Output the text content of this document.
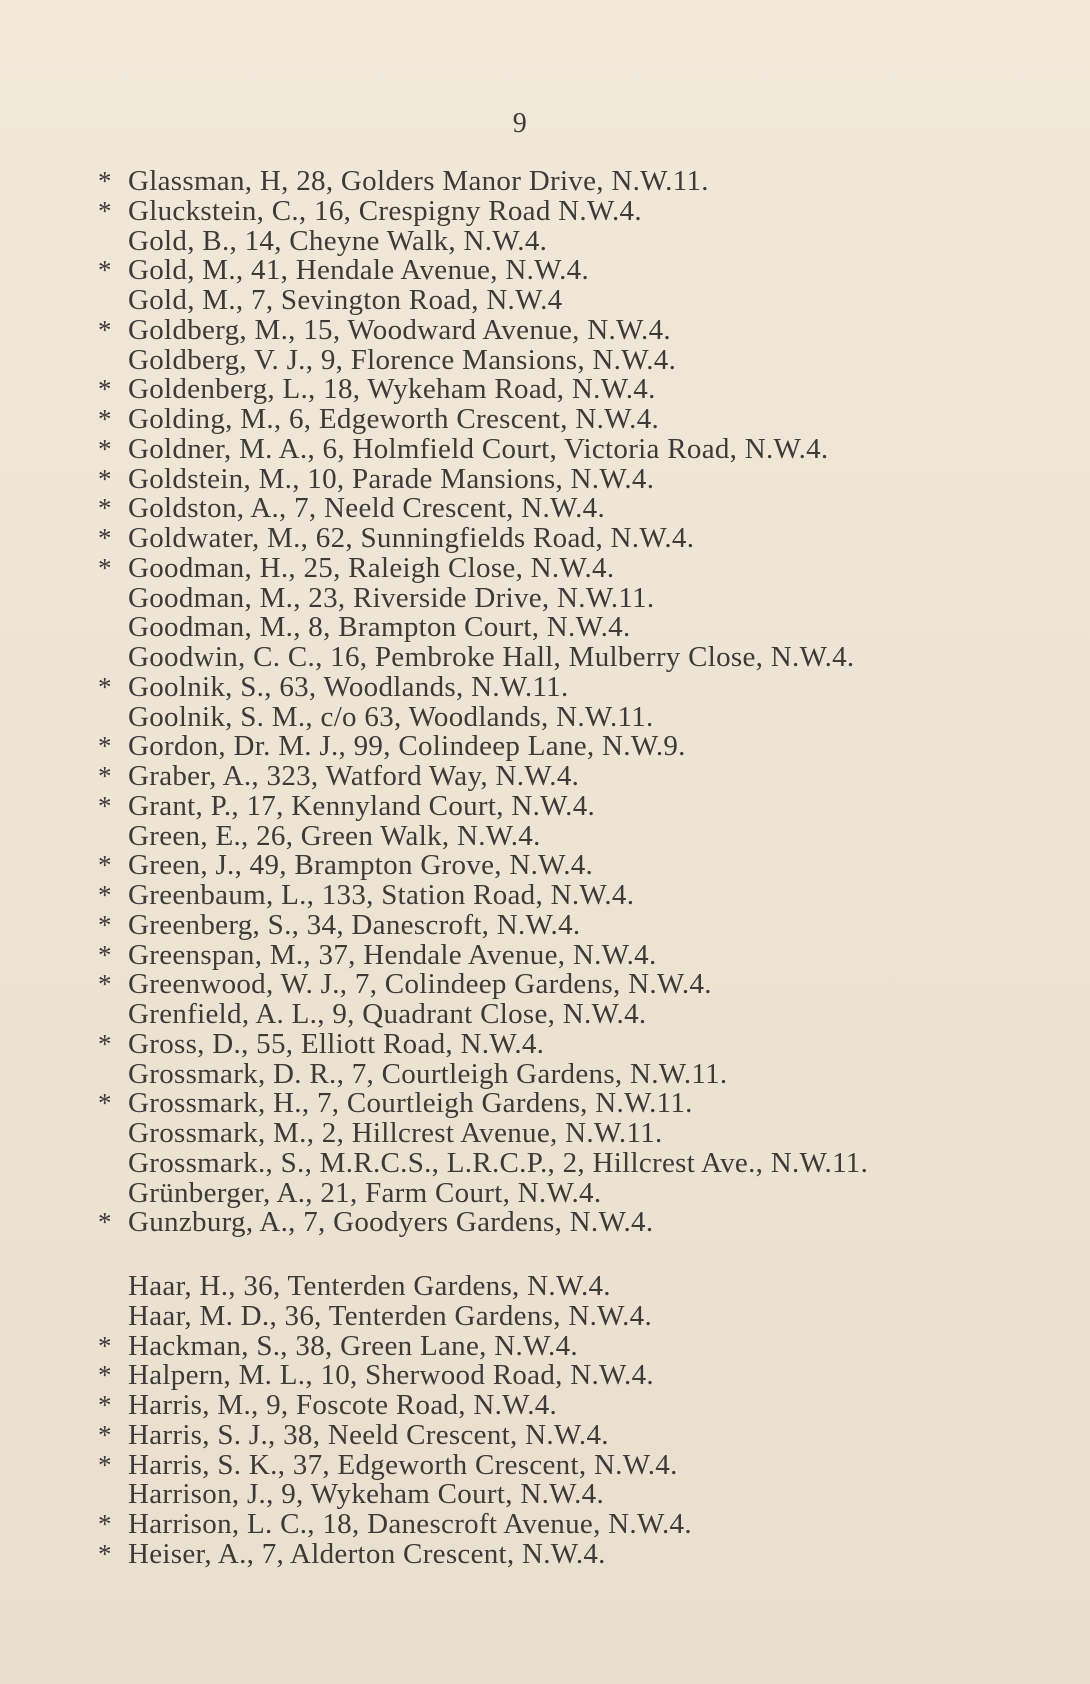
9
* Glassman, H, 28, Golders Manor Drive, N.W.11.
* Gluckstein, C., 16, Crespigny Road N.W.4.
Gold, B., 14, Cheyne Walk, N.W.4.
* Gold, M., 41, Hendale Avenue, N.W.4.
Gold, M., 7, Sevington Road, N.W.4
* Goldberg, M., 15, Woodward Avenue, N.W.4.
Goldberg, V. J., 9, Florence Mansions, N.W.4.
* Goldenberg, L., 18, Wykeham Road, N.W.4.
* Golding, M., 6, Edgeworth Crescent, N.W.4.
* Goldner, M. A., 6, Holmfield Court, Victoria Road, N.W.4.
* Goldstein, M., 10, Parade Mansions, N.W.4.
* Goldston, A., 7, Neeld Crescent, N.W.4.
* Goldwater, M., 62, Sunningfields Road, N.W.4.
* Goodman, H., 25, Raleigh Close, N.W.4.
Goodman, M., 23, Riverside Drive, N.W.11.
Goodman, M., 8, Brampton Court, N.W.4.
Goodwin, C. C., 16, Pembroke Hall, Mulberry Close, N.W.4.
* Goolnik, S., 63, Woodlands, N.W.11.
Goolnik, S. M., c/o 63, Woodlands, N.W.11.
* Gordon, Dr. M. J., 99, Colindeep Lane, N.W.9.
* Graber, A., 323, Watford Way, N.W.4.
* Grant, P., 17, Kennyland Court, N.W.4.
Green, E., 26, Green Walk, N.W.4.
* Green, J., 49, Brampton Grove, N.W.4.
* Greenbaum, L., 133, Station Road, N.W.4.
* Greenberg, S., 34, Danescroft, N.W.4.
* Greenspan, M., 37, Hendale Avenue, N.W.4.
* Greenwood, W. J., 7, Colindeep Gardens, N.W.4.
Grenfield, A. L., 9, Quadrant Close, N.W.4.
* Gross, D., 55, Elliott Road, N.W.4.
Grossmark, D. R., 7, Courtleigh Gardens, N.W.11.
* Grossmark, H., 7, Courtleigh Gardens, N.W.11.
Grossmark, M., 2, Hillcrest Avenue, N.W.11.
Grossmark., S., M.R.C.S., L.R.C.P., 2, Hillcrest Ave., N.W.11.
Grünberger, A., 21, Farm Court, N.W.4.
* Gunzburg, A., 7, Goodyers Gardens, N.W.4.
Haar, H., 36, Tenterden Gardens, N.W.4.
Haar, M. D., 36, Tenterden Gardens, N.W.4.
* Hackman, S., 38, Green Lane, N.W.4.
* Halpern, M. L., 10, Sherwood Road, N.W.4.
* Harris, M., 9, Foscote Road, N.W.4.
* Harris, S. J., 38, Neeld Crescent, N.W.4.
* Harris, S. K., 37, Edgeworth Crescent, N.W.4.
Harrison, J., 9, Wykeham Court, N.W.4.
* Harrison, L. C., 18, Danescroft Avenue, N.W.4.
* Heiser, A., 7, Alderton Crescent, N.W.4.
